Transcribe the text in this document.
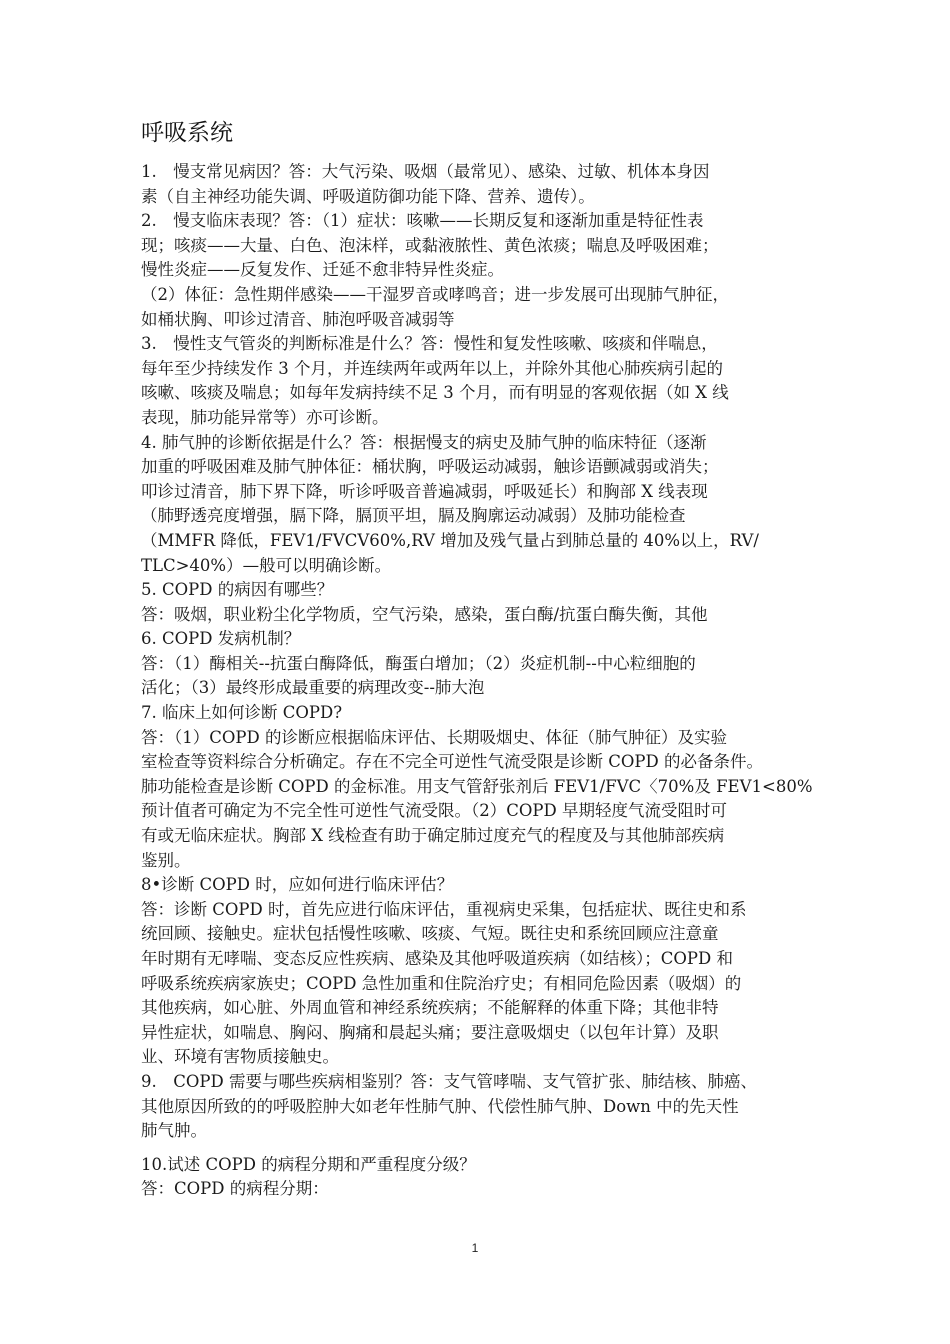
呼吸系统
1.　慢支常见病因？答：大气污染、吸烟（最常见）、感染、过敏、机体本身因
素（自主神经功能失调、呼吸道防御功能下降、营养、遗传）。
2.　慢支临床表现？答：（1）症状：咳嗽——长期反复和逐渐加重是特征性表
现；咳痰——大量、白色、泡沫样，或黏液脓性、黄色浓痰；喘息及呼吸困难；
慢性炎症——反复发作、迁延不愈非特异性炎症。
（2）体征：急性期伴感染——干湿罗音或哮鸣音；进一步发展可出现肺气肿征，
如桶状胸、叩诊过清音、肺泡呼吸音减弱等
3.　慢性支气管炎的判断标准是什么？答：慢性和复发性咳嗽、咳痰和伴喘息，
每年至少持续发作 3 个月，并连续两年或两年以上，并除外其他心肺疾病引起的
咳嗽、咳痰及喘息；如每年发病持续不足 3 个月，而有明显的客观依据（如 X 线
表现，肺功能异常等）亦可诊断。
4. 肺气肿的诊断依据是什么？答：根据慢支的病史及肺气肿的临床特征（逐渐
加重的呼吸困难及肺气肿体征：桶状胸，呼吸运动减弱，触诊语颤减弱或消失；
叩诊过清音，肺下界下降，听诊呼吸音普遍减弱，呼吸延长）和胸部 X 线表现
（肺野透亮度增强，膈下降，膈顶平坦，膈及胸廓运动减弱）及肺功能检查
（MMFR 降低，FEV1/FVCV60%,RV 增加及残气量占到肺总量的 40%以上，RV/
TLC>40%）—般可以明确诊断。
5. COPD 的病因有哪些？
答：吸烟，职业粉尘化学物质，空气污染，感染，蛋白酶/抗蛋白酶失衡，其他
6. COPD 发病机制？
答：（1）酶相关--抗蛋白酶降低，酶蛋白增加；（2）炎症机制--中心粒细胞的
活化；（3）最终形成最重要的病理改变--肺大泡
7. 临床上如何诊断 COPD?
答：（1）COPD 的诊断应根据临床评估、长期吸烟史、体征（肺气肿征）及实验
室检查等资料综合分析确定。存在不完全可逆性气流受限是诊断 COPD 的必备条件。
肺功能检查是诊断 COPD 的金标准。用支气管舒张剂后 FEV1/FVC〈70%及 FEV1<80%
预计值者可确定为不完全性可逆性气流受限。（2）COPD 早期轻度气流受阻时可
有或无临床症状。胸部 X 线检查有助于确定肺过度充气的程度及与其他肺部疾病
鉴别。
8•诊断 COPD 时，应如何进行临床评估？
答：诊断 COPD 时，首先应进行临床评估，重视病史采集，包括症状、既往史和系
统回顾、接触史。症状包括慢性咳嗽、咳痰、气短。既往史和系统回顾应注意童
年时期有无哮喘、变态反应性疾病、感染及其他呼吸道疾病（如结核）；COPD 和
呼吸系统疾病家族史；COPD 急性加重和住院治疗史；有相同危险因素（吸烟）的
其他疾病，如心脏、外周血管和神经系统疾病；不能解释的体重下降；其他非特
异性症状，如喘息、胸闷、胸痛和晨起头痛；要注意吸烟史（以包年计算）及职
业、环境有害物质接触史。
9.　COPD 需要与哪些疾病相鉴别？答：支气管哮喘、支气管扩张、肺结核、肺癌、
其他原因所致的的呼吸腔肿大如老年性肺气肿、代偿性肺气肿、Down 中的先天性
肺气肿。
10.试述 COPD 的病程分期和严重程度分级？
答：COPD 的病程分期：
1
